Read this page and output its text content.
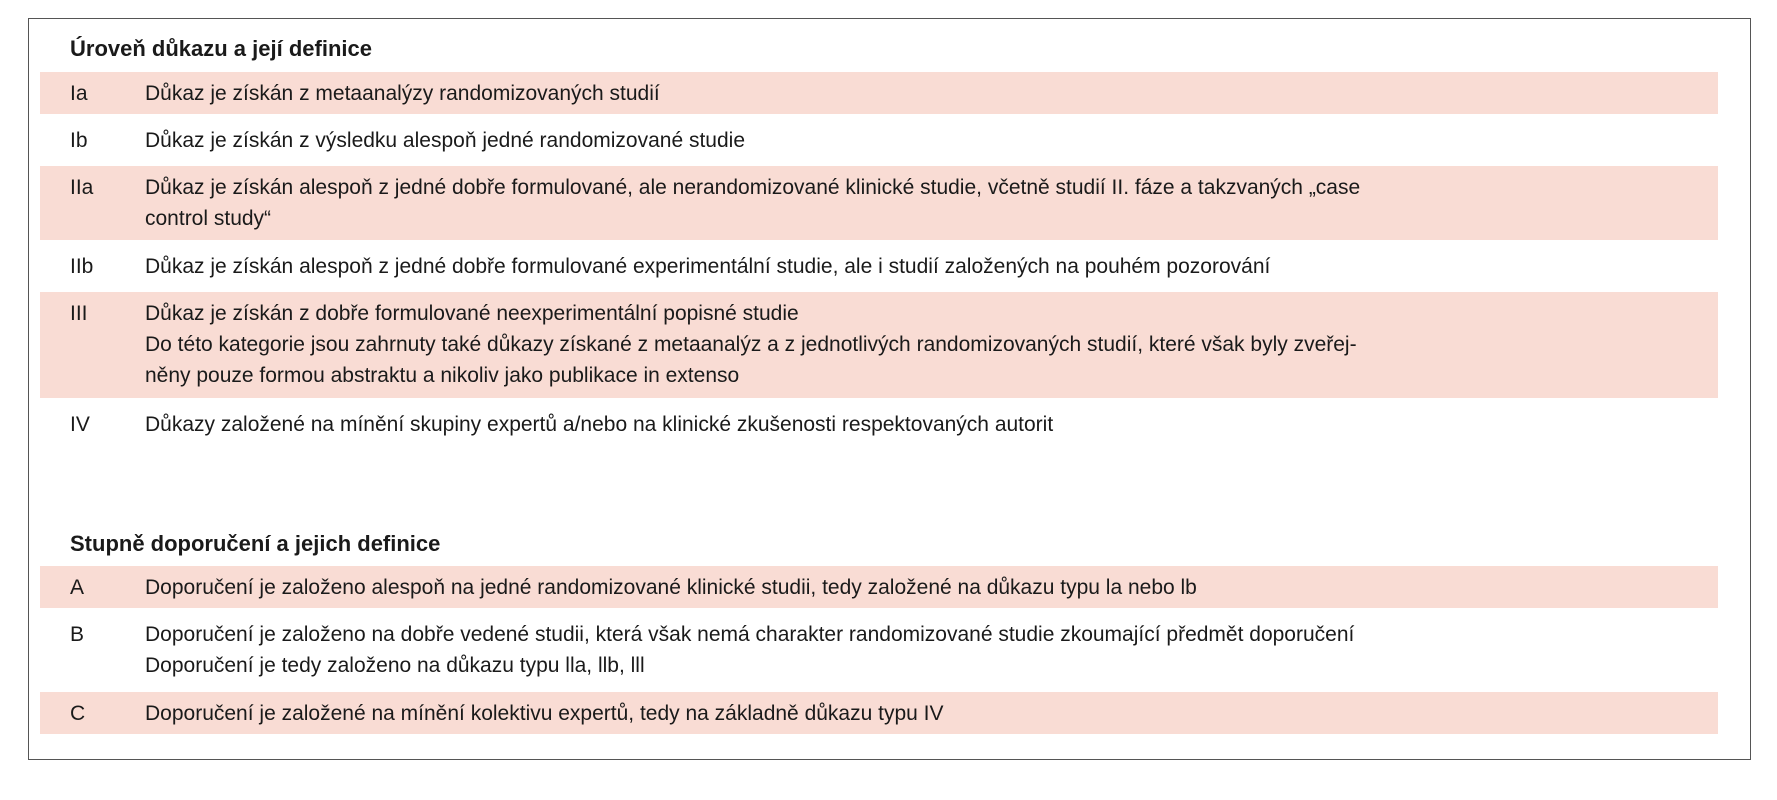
Úroveň důkazu a její definice
Ia	Důkaz je získán z metaanalýzy randomizovaných studií
Ib	Důkaz je získán z výsledku alespoň jedné randomizované studie
IIa	Důkaz je získán alespoň z jedné dobře formulované, ale nerandomizované klinické studie, včetně studií II. fáze a takzvaných „case
control study“
IIb	Důkaz je získán alespoň z jedné dobře formulované experimentální studie, ale i studií založených na pouhém pozorování
III	Důkaz je získán z dobře formulované neexperimentální popisné studie
Do této kategorie jsou zahrnuty také důkazy získané z metaanalýz a z jednotlivých randomizovaných studií, které však byly zveřej-
něny pouze formou abstraktu a nikoliv jako publikace in extenso
IV	Důkazy založené na mínění skupiny expertů a/nebo na klinické zkušenosti respektovaných autorit
Stupně doporučení a jejich definice
A	Doporučení je založeno alespoň na jedné randomizované klinické studii, tedy založené na důkazu typu la nebo lb
B	Doporučení je založeno na dobře vedené studii, která však nemá charakter randomizované studie zkoumající předmět doporučení
Doporučení je tedy založeno na důkazu typu lla, llb, lll
C	Doporučení je založené na mínění kolektivu expertů, tedy na základně důkazu typu IV
